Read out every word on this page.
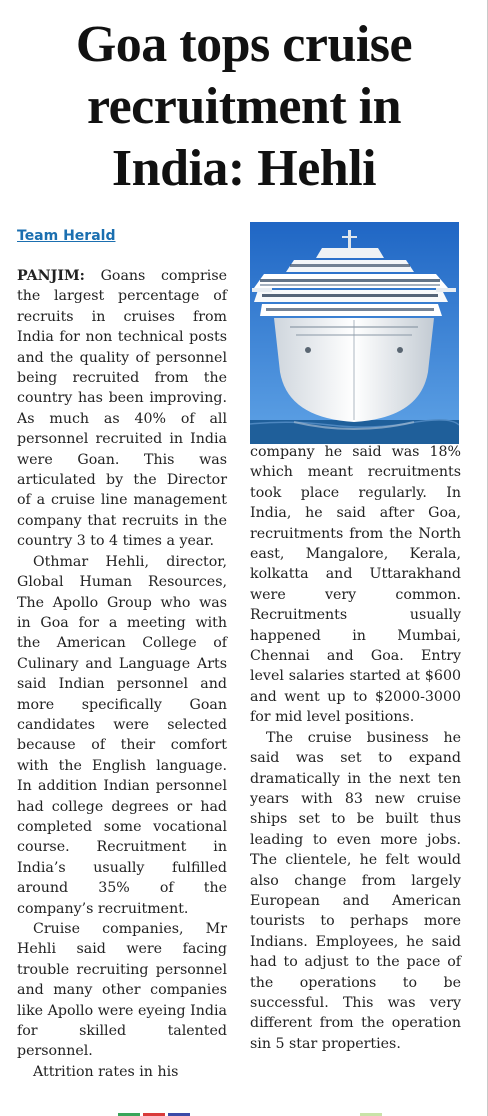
Goa tops cruise
recruitment in
India: Hehli
Team Herald

PANJIM: Goans comprise the largest percentage of recruits in cruises from India for non technical posts and the quality of personnel being recruited from the country has been improving. As much as 40% of all personnel recruited in India were Goan. This was articulated by the Director of a cruise line management company that recruits in the country 3 to 4 times a year.

Othmar Hehli, director, Global Human Resources, The Apollo Group who was in Goa for a meeting with the American College of Culinary and Language Arts said Indian personnel and more specifically Goan candidates were selected because of their comfort with the English language. In addition Indian personnel had college degrees or had completed some vocational course. Recruitment in India’s usually fulfilled around 35% of the company’s recruitment.

Cruise companies, Mr Hehli said were facing trouble recruiting personnel and many other companies like Apollo were eyeing India for skilled talented personnel.

Attrition rates in his

company he said was 18% which meant recruitments took place regularly. In India, he said after Goa, recruitments from the North east, Mangalore, Kerala, kolkatta and Uttarakhand were very common. Recruitments usually happened in Mumbai, Chennai and Goa. Entry level salaries started at $600 and went up to $2000-3000 for mid level positions.

The cruise business he said was set to expand dramatically in the next ten years with 83 new cruise ships set to be built thus leading to even more jobs. The clientele, he felt would also change from largely European and American tourists to perhaps more Indians. Employees, he said had to adjust to the pace of the operations to be successful. This was very different from the operation sin 5 star properties.
